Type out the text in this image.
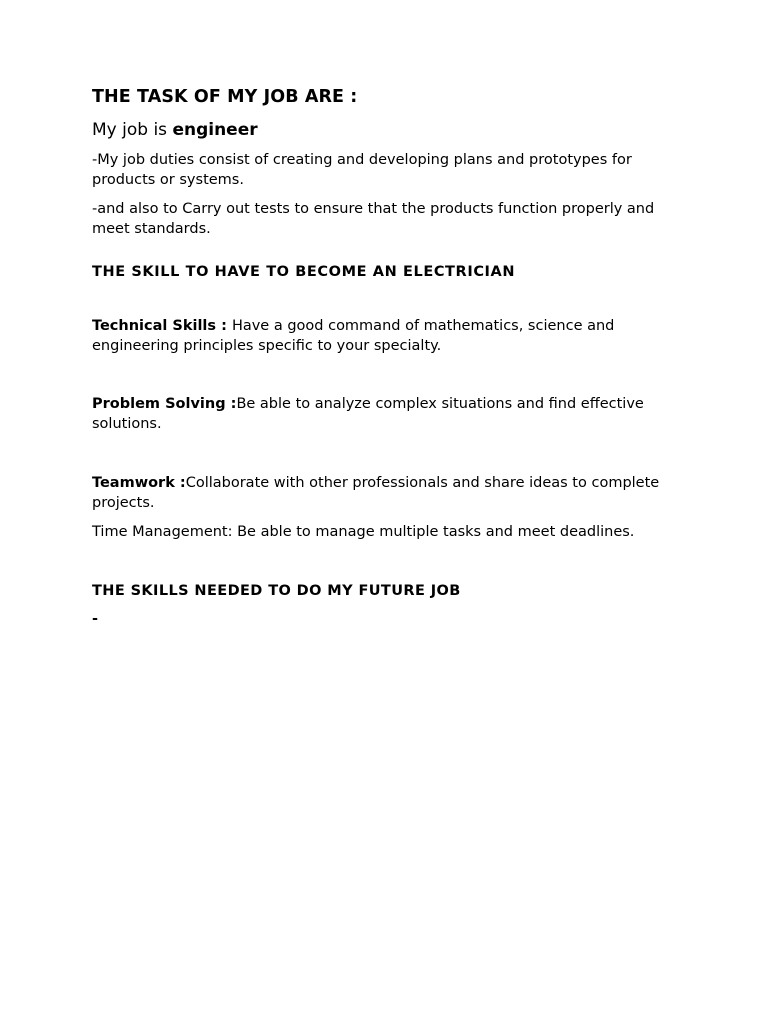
THE TASK OF MY JOB ARE :

My job is engineer

-My job duties consist of creating and developing plans and prototypes for products or systems.

-and also to Carry out tests to ensure that the products function properly and meet standards.

THE SKILL TO HAVE TO BECOME AN ELECTRICIAN

Technical Skills : Have a good command of mathematics, science and engineering principles specific to your specialty.

Problem Solving :Be able to analyze complex situations and find effective solutions.

Teamwork :Collaborate with other professionals and share ideas to complete projects.

Time Management: Be able to manage multiple tasks and meet deadlines.

THE SKILLS NEEDED TO DO MY FUTURE JOB

-
